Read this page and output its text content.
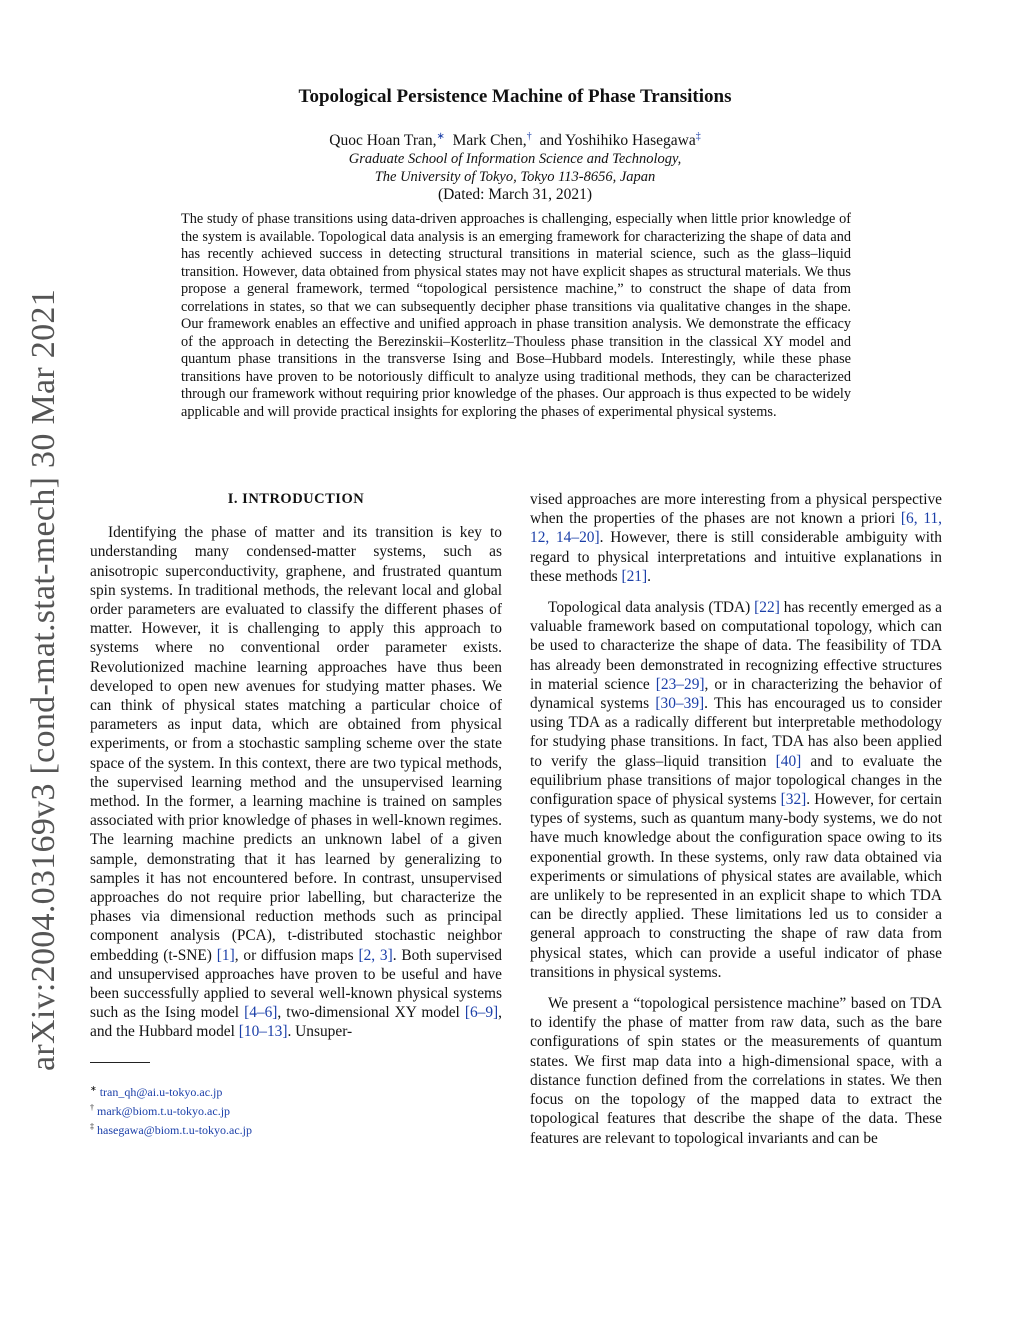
arXiv:2004.03169v3 [cond-mat.stat-mech] 30 Mar 2021
Topological Persistence Machine of Phase Transitions
Quoc Hoan Tran,∗ Mark Chen,† and Yoshihiko Hasegawa‡
Graduate School of Information Science and Technology,
The University of Tokyo, Tokyo 113-8656, Japan
(Dated: March 31, 2021)
The study of phase transitions using data-driven approaches is challenging, especially when little prior knowledge of the system is available. Topological data analysis is an emerging framework for characterizing the shape of data and has recently achieved success in detecting structural transitions in material science, such as the glass–liquid transition. However, data obtained from physical states may not have explicit shapes as structural materials. We thus propose a general framework, termed “topological persistence machine,” to construct the shape of data from correlations in states, so that we can subsequently decipher phase transitions via qualitative changes in the shape. Our framework enables an effective and unified approach in phase transition analysis. We demonstrate the efficacy of the approach in detecting the Berezinskii–Kosterlitz–Thouless phase transition in the classical XY model and quantum phase transitions in the transverse Ising and Bose–Hubbard models. Interestingly, while these phase transitions have proven to be notoriously difficult to analyze using traditional methods, they can be characterized through our framework without requiring prior knowledge of the phases. Our approach is thus expected to be widely applicable and will provide practical insights for exploring the phases of experimental physical systems.
I. INTRODUCTION

Identifying the phase of matter and its transition is key to understanding many condensed-matter systems, such as anisotropic superconductivity, graphene, and frustrated quantum spin systems. In traditional methods, the relevant local and global order parameters are evaluated to classify the different phases of matter. However, it is challenging to apply this approach to systems where no conventional order parameter exists. Revolutionized machine learning approaches have thus been developed to open new avenues for studying matter phases. We can think of physical states matching a particular choice of parameters as input data, which are obtained from physical experiments, or from a stochastic sampling scheme over the state space of the system. In this context, there are two typical methods, the supervised learning method and the unsupervised learning method. In the former, a learning machine is trained on samples associated with prior knowledge of phases in well-known regimes. The learning machine predicts an unknown label of a given sample, demonstrating that it has learned by generalizing to samples it has not encountered before. In contrast, unsupervised approaches do not require prior labelling, but characterize the phases via dimensional reduction methods such as principal component analysis (PCA), t-distributed stochastic neighbor embedding (t-SNE) [1], or diffusion maps [2, 3]. Both supervised and unsupervised approaches have proven to be useful and have been successfully applied to several well-known physical systems such as the Ising model [4–6], two-dimensional XY model [6–9], and the Hubbard model [10–13]. Unsuper-

∗ tran_qh@ai.u-tokyo.ac.jp
† mark@biom.t.u-tokyo.ac.jp
‡ hasegawa@biom.t.u-tokyo.ac.jp

vised approaches are more interesting from a physical perspective when the properties of the phases are not known a priori [6, 11, 12, 14–20]. However, there is still considerable ambiguity with regard to physical interpretations and intuitive explanations in these methods [21].

Topological data analysis (TDA) [22] has recently emerged as a valuable framework based on computational topology, which can be used to characterize the shape of data. The feasibility of TDA has already been demonstrated in recognizing effective structures in material science [23–29], or in characterizing the behavior of dynamical systems [30–39]. This has encouraged us to consider using TDA as a radically different but interpretable methodology for studying phase transitions. In fact, TDA has also been applied to verify the glass–liquid transition [40] and to evaluate the equilibrium phase transitions of major topological changes in the configuration space of physical systems [32]. However, for certain types of systems, such as quantum many-body systems, we do not have much knowledge about the configuration space owing to its exponential growth. In these systems, only raw data obtained via experiments or simulations of physical states are available, which are unlikely to be represented in an explicit shape to which TDA can be directly applied. These limitations led us to consider a general approach to constructing the shape of raw data from physical states, which can provide a useful indicator of phase transitions in physical systems.

We present a “topological persistence machine” based on TDA to identify the phase of matter from raw data, such as the bare configurations of spin states or the measurements of quantum states. We first map data into a high-dimensional space, with a distance function defined from the correlations in states. We then focus on the topology of the mapped data to extract the topological features that describe the shape of the data. These features are relevant to topological invariants and can be
